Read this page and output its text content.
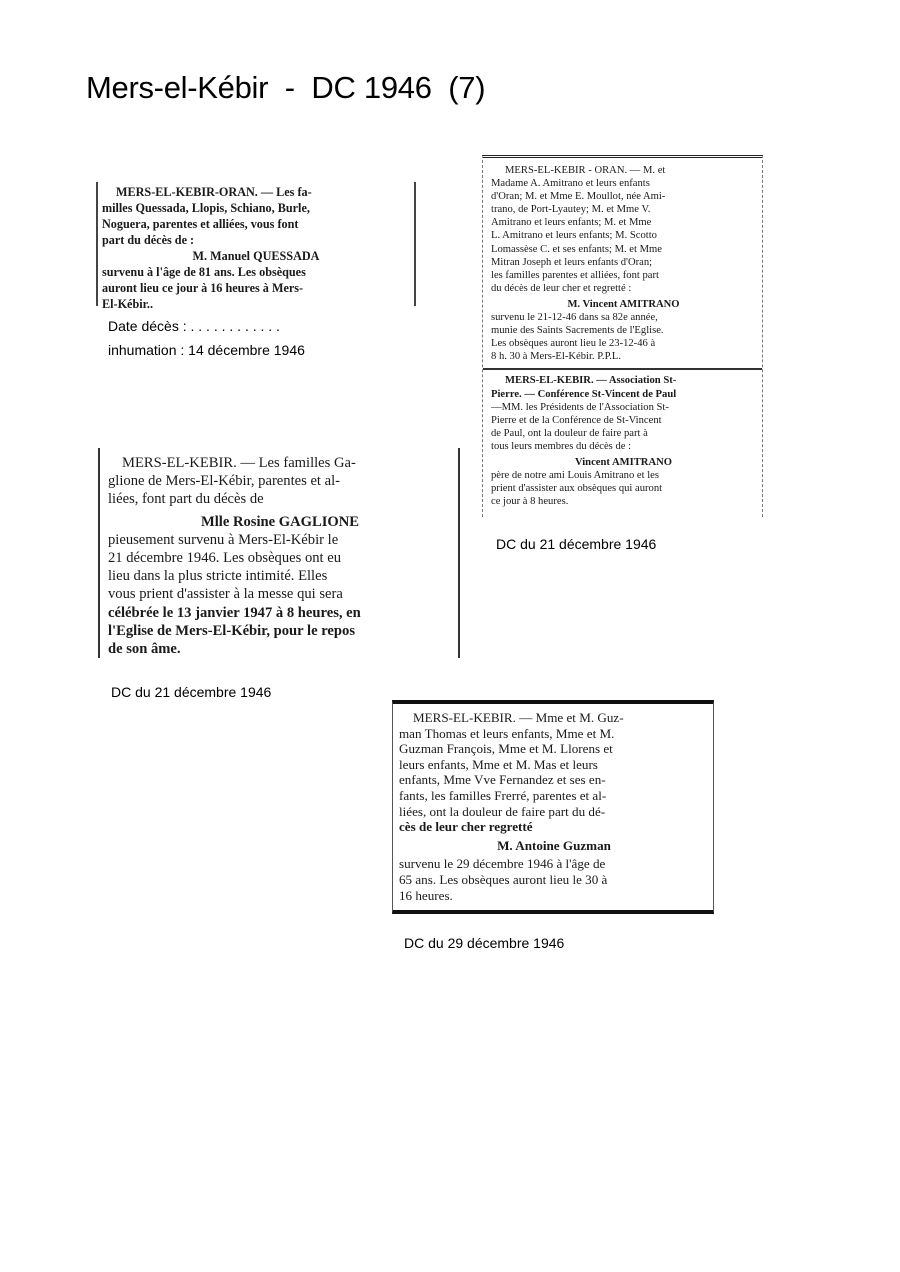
Mers-el-Kébir  -  DC 1946  (7)
MERS-EL-KEBIR-ORAN. — Les fa-
milles Quessada, Llopis, Schiano, Burle,
Noguera, parentes et alliées, vous font
part du décès de :
M. Manuel QUESSADA
survenu à l'âge de 81 ans. Les obsèques
auront lieu ce jour à 16 heures à Mers-
El-Kébir..
Date décès : . . . . . . . . . . . .
inhumation : 14 décembre 1946
MERS-EL-KEBIR - ORAN. — M. et
Madame A. Amitrano et leurs enfants
d'Oran; M. et Mme E. Moullot, née Ami-
trano, de Port-Lyautey; M. et Mme V.
Amitrano et leurs enfants; M. et Mme
L. Amitrano et leurs enfants; M. Scotto
Lomassèse C. et ses enfants; M. et Mme
Mitran Joseph et leurs enfants d'Oran;
les familles parentes et alliées, font part
du décès de leur cher et regretté :
M. Vincent AMITRANO
survenu le 21-12-46 dans sa 82e année,
munie des Saints Sacrements de l'Eglise.
Les obsèques auront lieu le 23-12-46 à
8 h. 30 à Mers-El-Kébir. P.P.L.
MERS-EL-KEBIR. — Association St-
Pierre. — Conférence St-Vincent de Paul
—MM. les Présidents de l'Association St-
Pierre et de la Conférence de St-Vincent
de Paul, ont la douleur de faire part à
tous leurs membres du décès de :
Vincent AMITRANO
père de notre ami Louis Amitrano et les
prient d'assister aux obsèques qui auront
ce jour à 8 heures.
DC du 21 décembre 1946
MERS-EL-KEBIR. — Les familles Ga-
glione de Mers-El-Kébir, parentes et al-
liées, font part du décès de
Mlle Rosine GAGLIONE
pieusement survenu à Mers-El-Kébir le
21 décembre 1946. Les obsèques ont eu
lieu dans la plus stricte intimité. Elles
vous prient d'assister à la messe qui sera
célébrée le 13 janvier 1947 à 8 heures, en
l'Eglise de Mers-El-Kébir, pour le repos
de son âme.
DC du 21 décembre 1946
MERS-EL-KEBIR. — Mme et M. Guz-
man Thomas et leurs enfants, Mme et M.
Guzman François, Mme et M. Llorens et
leurs enfants, Mme et M. Mas et leurs
enfants, Mme Vve Fernandez et ses en-
fants, les familles Frerré, parentes et al-
liées, ont la douleur de faire part du dé-
cès de leur cher regretté
M. Antoine Guzman
survenu le 29 décembre 1946 à l'âge de
65 ans. Les obsèques auront lieu le 30 à
16 heures.
DC du 29 décembre 1946
